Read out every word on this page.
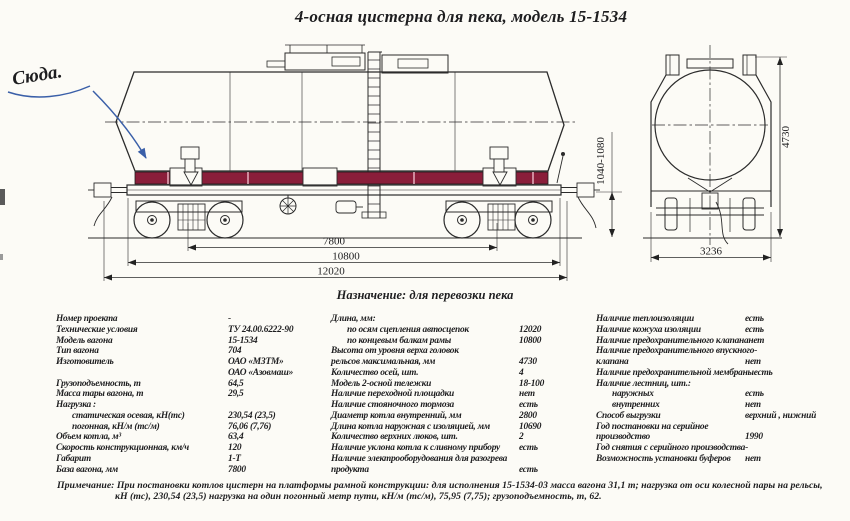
4-осная цистерна для пека, модель 15-1534
7800
10800
12020
1040-1080
3236
4730
Сюда.
Назначение: для перевозки пека
Номер проекта	-
Технические условия	ТУ 24.00.6222-90
Модель вагона	15-1534
Тип вагона	704
Изготовитель	ОАО «МЗТМ»
ОАО «Азовмаш»
Грузоподъемность, т	64,5
Масса тары вагона, т	29,5
Нагрузка :
статическая осевая, кН(тс)	230,54 (23,5)
погонная, кН/м (тс/м)	76,06 (7,76)
Объем котла, м³	63,4
Скорость конструкционная, км/ч	120
Габарит	1-Т
База вагона, мм	7800
Длина, мм:
по осям сцепления автосцепок	12020
по концевым балкам рамы	10800
Высота от уровня верха головок
рельсов максимальная, мм	4730
Количество осей, шт.	4
Модель 2-осной тележки	18-100
Наличие переходной площадки	нет
Наличие стояночного тормоза	есть
Диаметр котла внутренний, мм	2800
Длина котла наружная с изоляцией, мм	10690
Количество верхних люков, шт.	2
Наличие уклона котла к сливному прибору	есть
Наличие электрооборудования для разогрева
продукта	есть
Наличие теплоизоляции	есть
Наличие кожуха изоляции	есть
Наличие предохранительного клапана нет
Наличие предохранительного впускного-
клапана	нет
Наличие предохранительной мембраны есть
Наличие лестниц, шт.:
наружных	есть
внутренних	нет
Способ выгрузки	верхний , нижний
Год постановки на серийное
производство	1990
Год снятия с серийного производства -
Возможность установки буферов	нет
Примечание: При постановки котлов цистерн на платформы рамной конструкции: для исполнения 15-1534-03 масса вагона 31,1 т; нагрузка от оси колесной пары на рельсы,
кН (тс), 230,54 (23,5) нагрузка на один погонный метр пути, кН/м (тс/м), 75,95 (7,75); грузоподъемность, т, 62.
